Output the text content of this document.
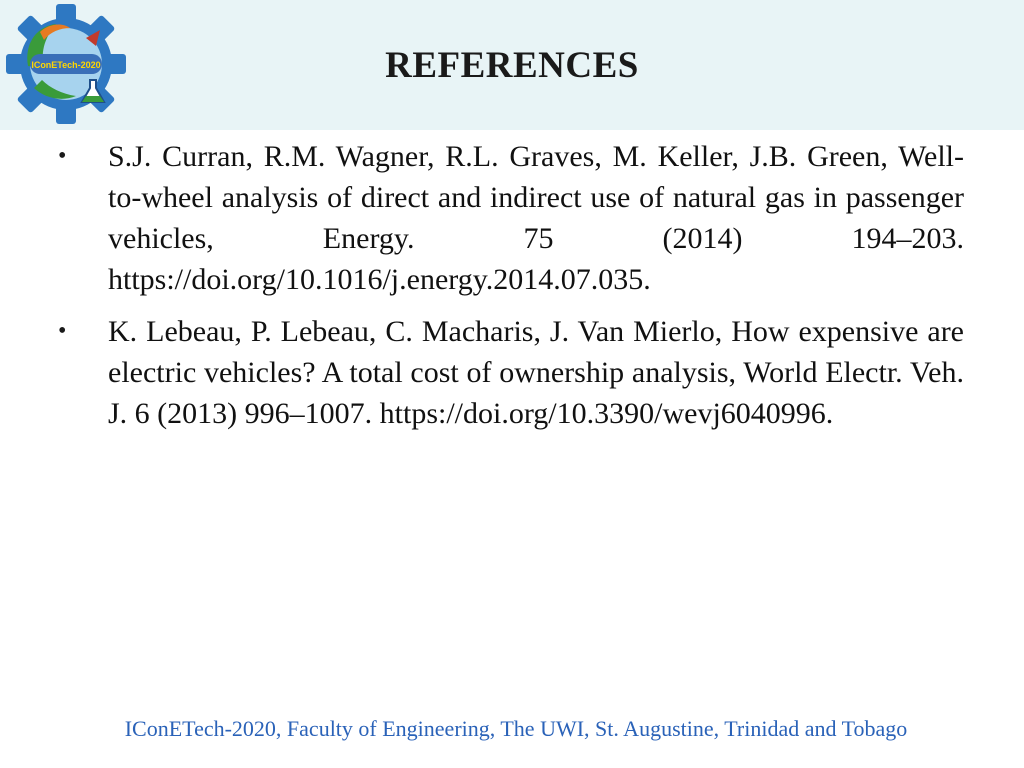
IConETech-2020	REFERENCES
• S.J. Curran, R.M. Wagner, R.L. Graves, M. Keller, J.B. Green, Well-to-wheel analysis of direct and indirect use of natural gas in passenger vehicles, Energy. 75 (2014) 194–203. https://doi.org/10.1016/j.energy.2014.07.035.
• K. Lebeau, P. Lebeau, C. Macharis, J. Van Mierlo, How expensive are electric vehicles? A total cost of ownership analysis, World Electr. Veh. J. 6 (2013) 996–1007. https://doi.org/10.3390/wevj6040996.
IConETech-2020, Faculty of Engineering, The UWI, St. Augustine, Trinidad and Tobago
